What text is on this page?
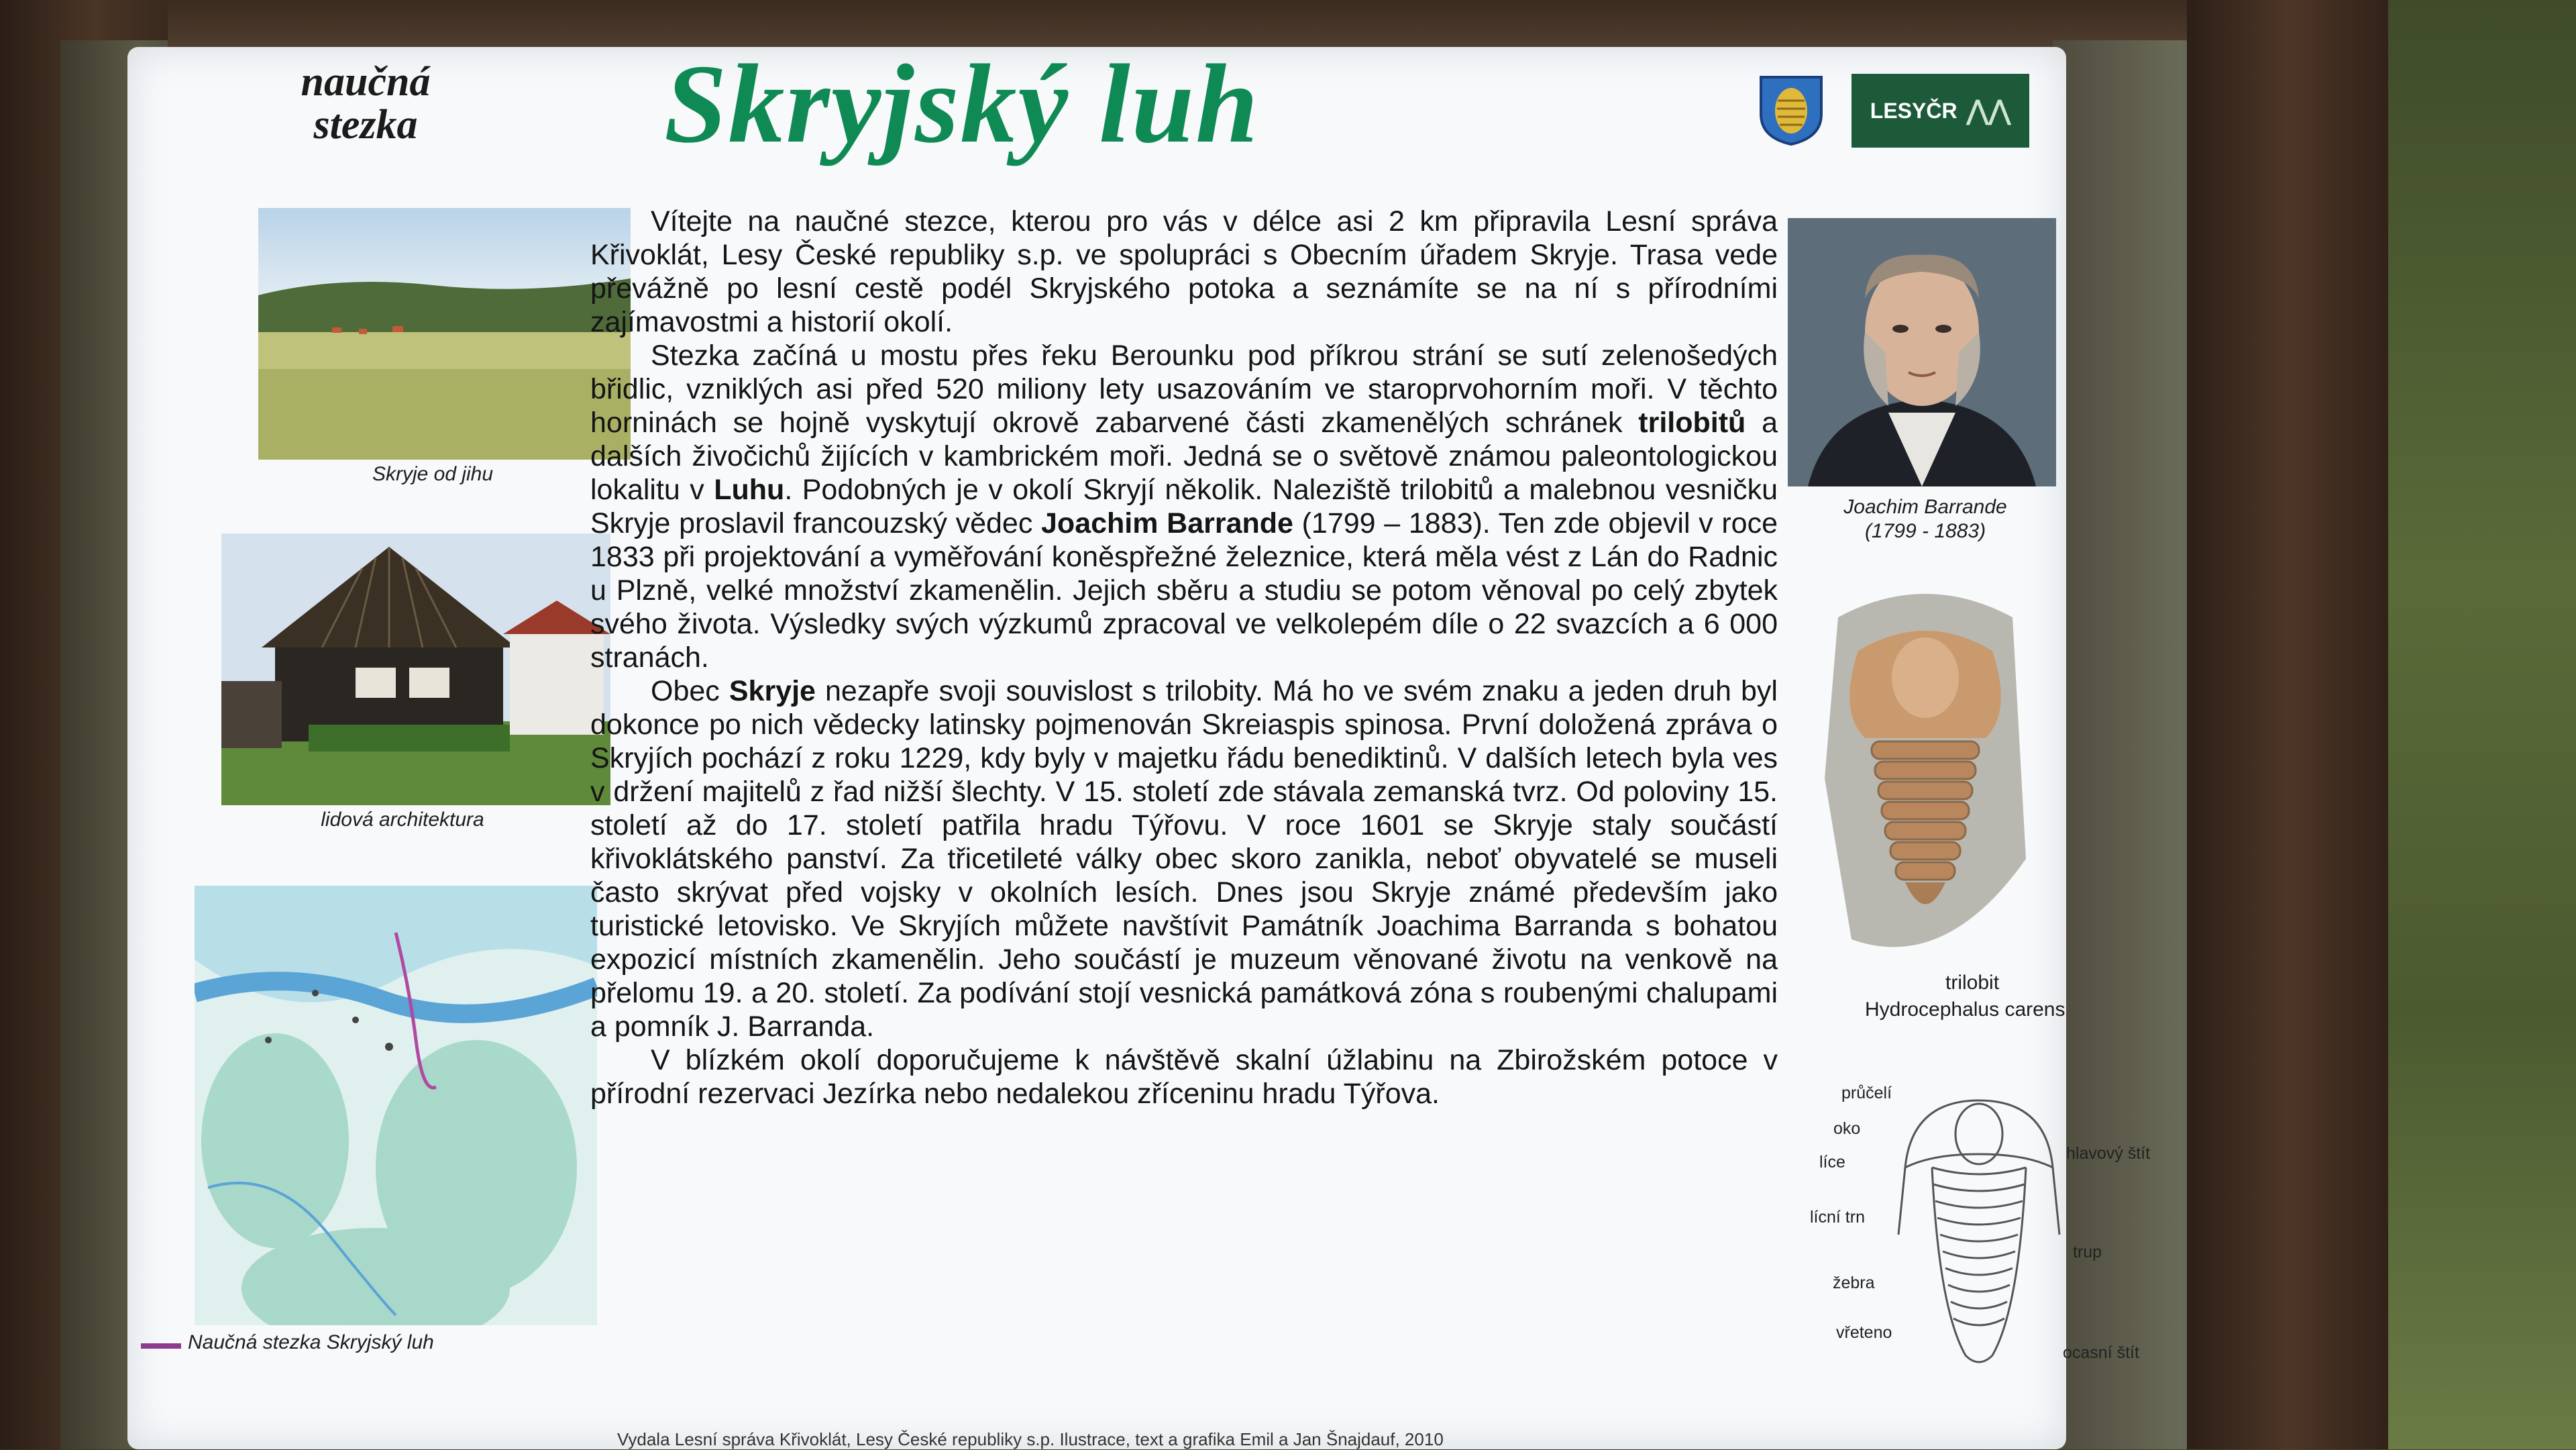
naučná
stezka	Skryjský luh	LESYČR ⋀⋀
Skryje od jihu
lidová architektura
Naučná stezka Skryjský luh
Joachim Barrande
(1799 - 1883)
trilobit
Hydrocephalus carens
průčelí
oko
líce
lícní trn
žebra
vřeteno
hlavový štít
trup
ocasní štít

Vítejte na naučné stezce, kterou pro vás v délce asi 2 km připravila Lesní správa Křivoklát, Lesy České republiky s.p. ve spolupráci s Obecním úřadem Skryje. Trasa vede převážně po lesní cestě podél Skryjského potoka a seznámíte se na ní s přírodními zajímavostmi a historií okolí.

Stezka začíná u mostu přes řeku Berounku pod příkrou strání se sutí zelenošedých břidlic, vzniklých asi před 520 miliony lety usazováním ve staroprvohorním moři. V těchto horninách se hojně vyskytují okrově zabarvené části zkamenělých schránek trilobitů a dalších živočichů žijících v kambrickém moři. Jedná se o světově známou paleontologickou lokalitu v Luhu. Podobných je v okolí Skryjí několik. Naleziště trilobitů a malebnou vesničku Skryje proslavil francouzský vědec Joachim Barrande (1799 – 1883). Ten zde objevil v roce 1833 při projektování a vyměřování koněspřežné železnice, která měla vést z Lán do Radnic u Plzně, velké množství zkamenělin. Jejich sběru a studiu se potom věnoval po celý zbytek svého života. Výsledky svých výzkumů zpracoval ve velkolepém díle o 22 svazcích a 6 000 stranách.

Obec Skryje nezapře svoji souvislost s trilobity. Má ho ve svém znaku a jeden druh byl dokonce po nich vědecky latinsky pojmenován Skreiaspis spinosa. První doložená zpráva o Skryjích pochází z roku 1229, kdy byly v majetku řádu benediktinů. V dalších letech byla ves v držení majitelů z řad nižší šlechty. V 15. století zde stávala zemanská tvrz. Od poloviny 15. století až do 17. století patřila hradu Týřovu. V roce 1601 se Skryje staly součástí křivoklátského panství. Za třicetileté války obec skoro zanikla, neboť obyvatelé se museli často skrývat před vojsky v okolních lesích. Dnes jsou Skryje známé především jako turistické letovisko. Ve Skryjích můžete navštívit Památník Joachima Barranda s bohatou expozicí místních zkamenělin. Jeho součástí je muzeum věnované životu na venkově na přelomu 19. a 20. století. Za podívání stojí vesnická památková zóna s roubenými chalupami a pomník J. Barranda.

V blízkém okolí doporučujeme k návštěvě skalní úžlabinu na Zbirožském potoce v přírodní rezervaci Jezírka nebo nedalekou zříceninu hradu Týřova.

Vydala Lesní správa Křivoklát, Lesy České republiky s.p. Ilustrace, text a grafika Emil a Jan Šnajdauf, 2010
